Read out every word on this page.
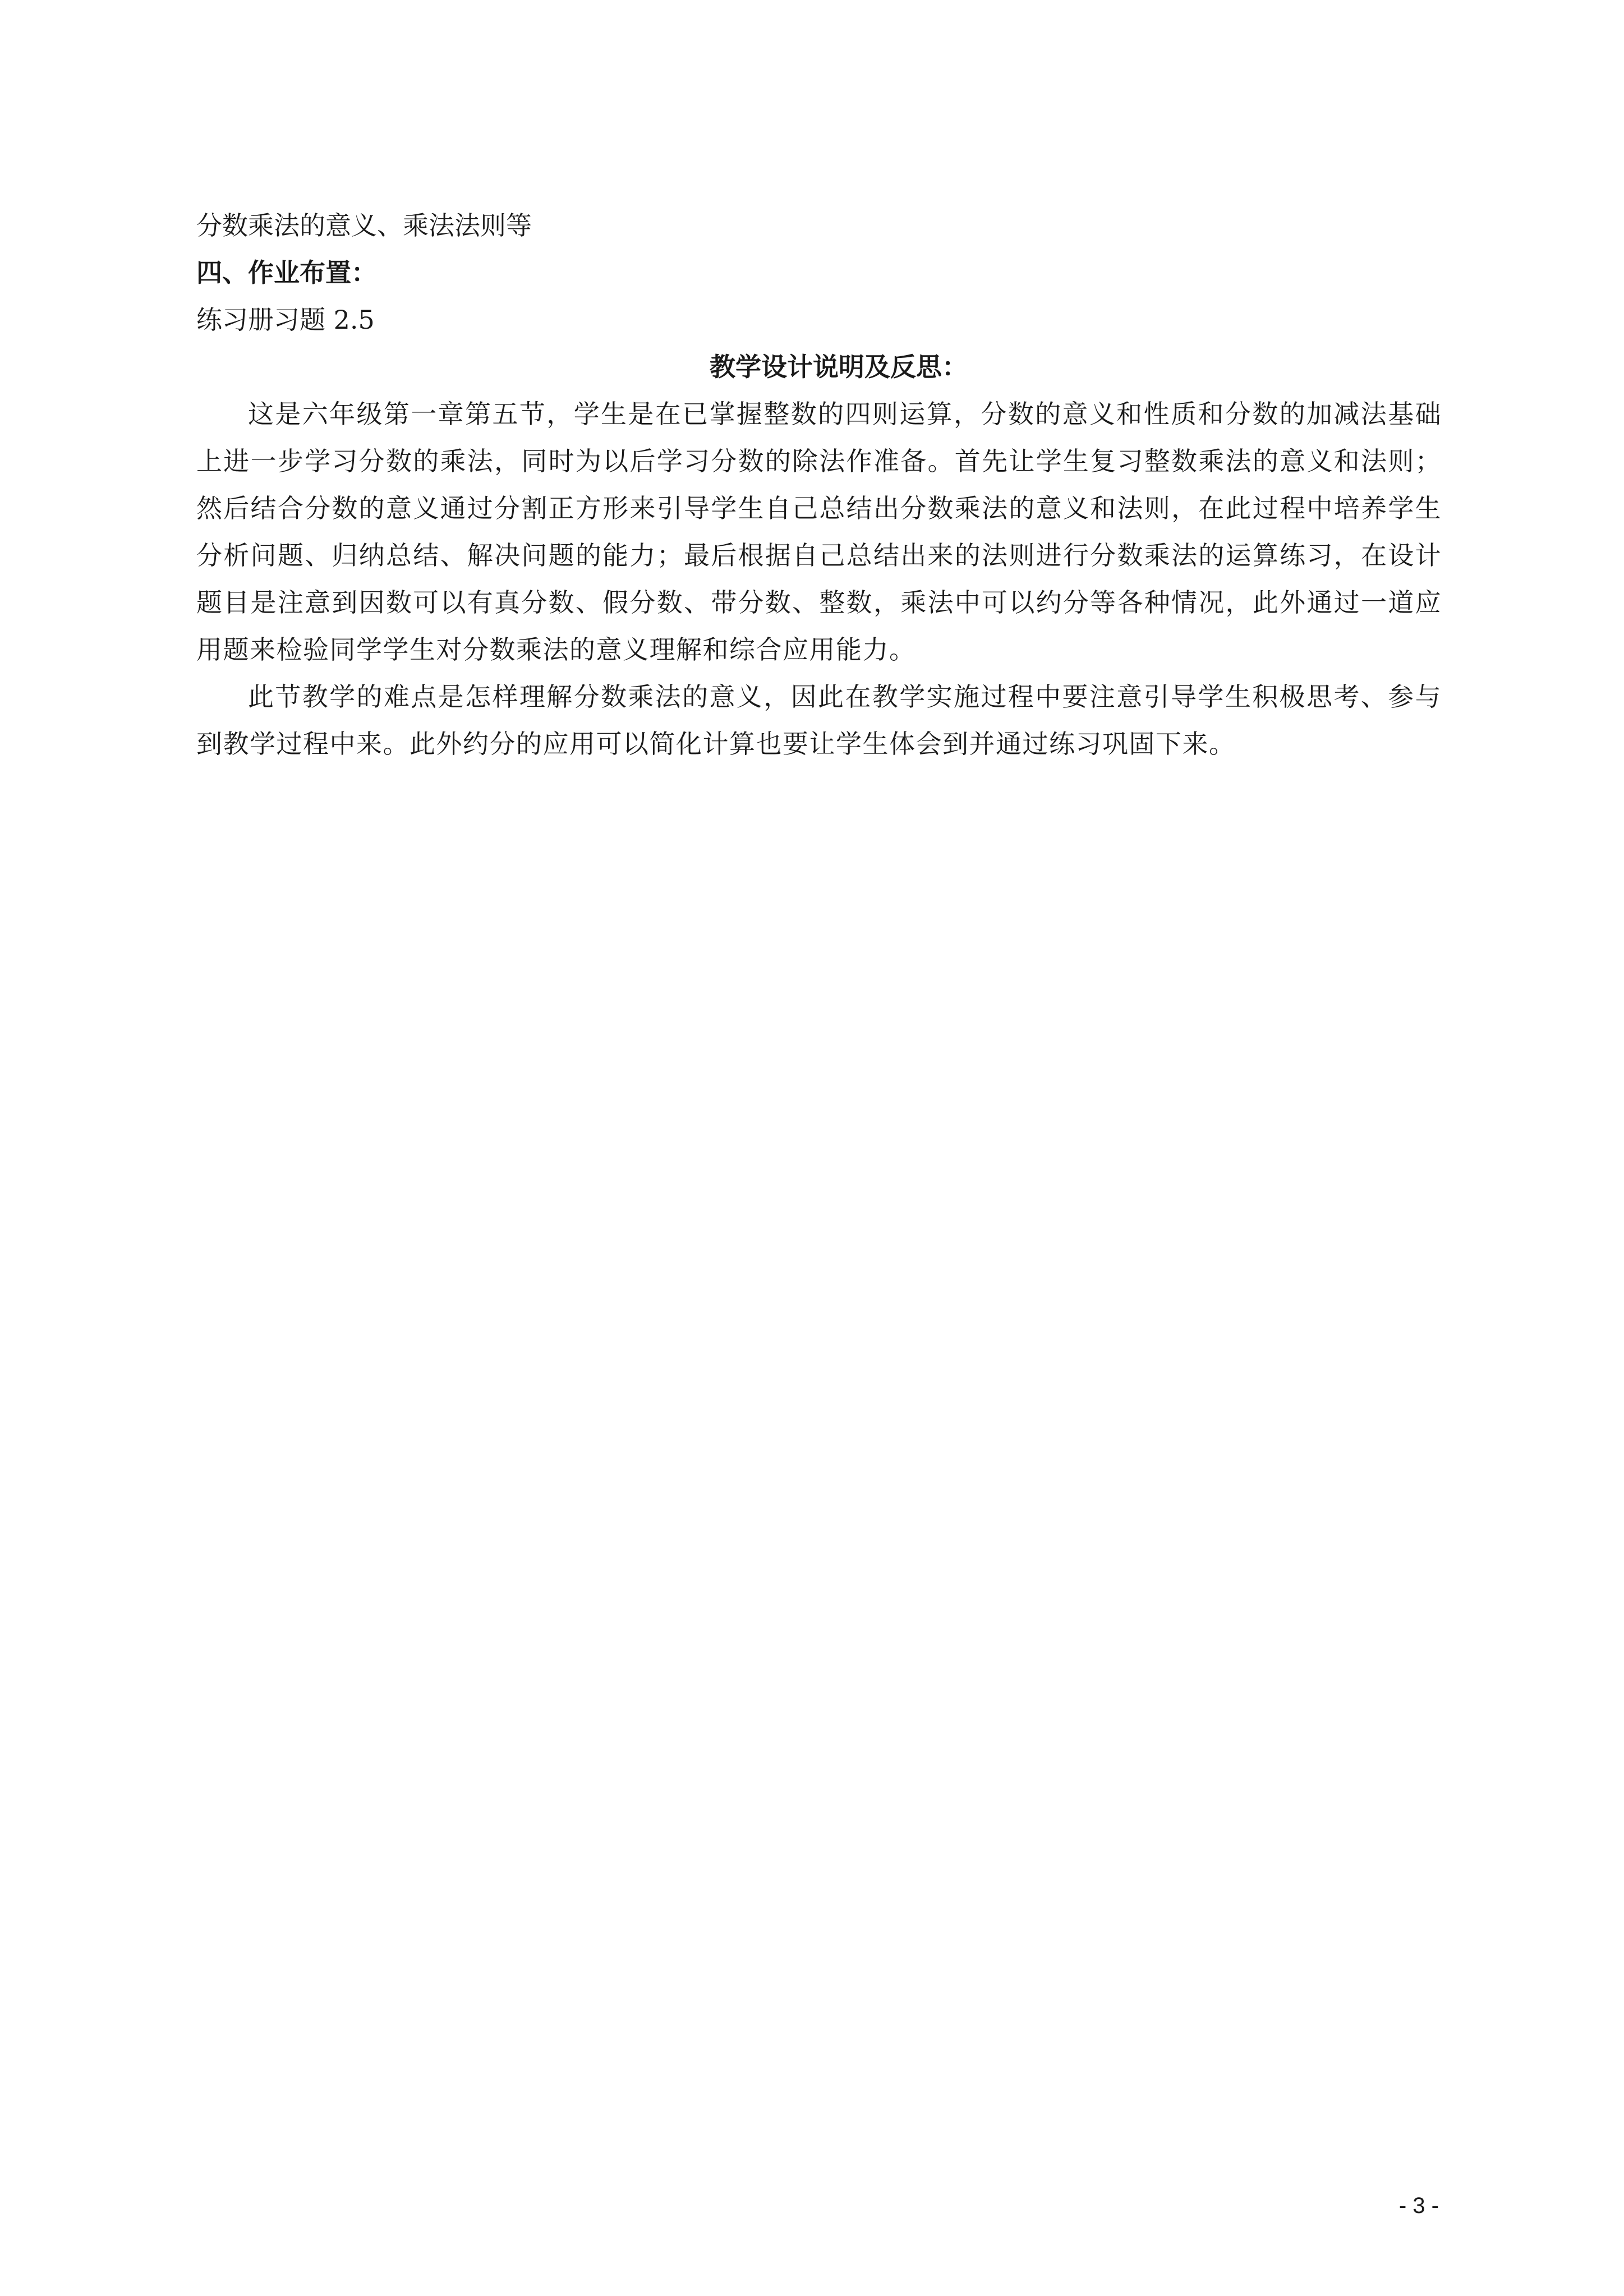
分数乘法的意义、乘法法则等

四、作业布置：

练习册习题 2.5

教学设计说明及反思：

这是六年级第一章第五节，学生是在已掌握整数的四则运算，分数的意义和性质和分数的加减法基础上进一步学习分数的乘法，同时为以后学习分数的除法作准备。首先让学生复习整数乘法的意义和法则；然后结合分数的意义通过分割正方形来引导学生自己总结出分数乘法的意义和法则，在此过程中培养学生分析问题、归纳总结、解决问题的能力；最后根据自己总结出来的法则进行分数乘法的运算练习，在设计题目是注意到因数可以有真分数、假分数、带分数、整数，乘法中可以约分等各种情况，此外通过一道应用题来检验同学学生对分数乘法的意义理解和综合应用能力。

此节教学的难点是怎样理解分数乘法的意义，因此在教学实施过程中要注意引导学生积极思考、参与到教学过程中来。此外约分的应用可以简化计算也要让学生体会到并通过练习巩固下来。

- 3 -
